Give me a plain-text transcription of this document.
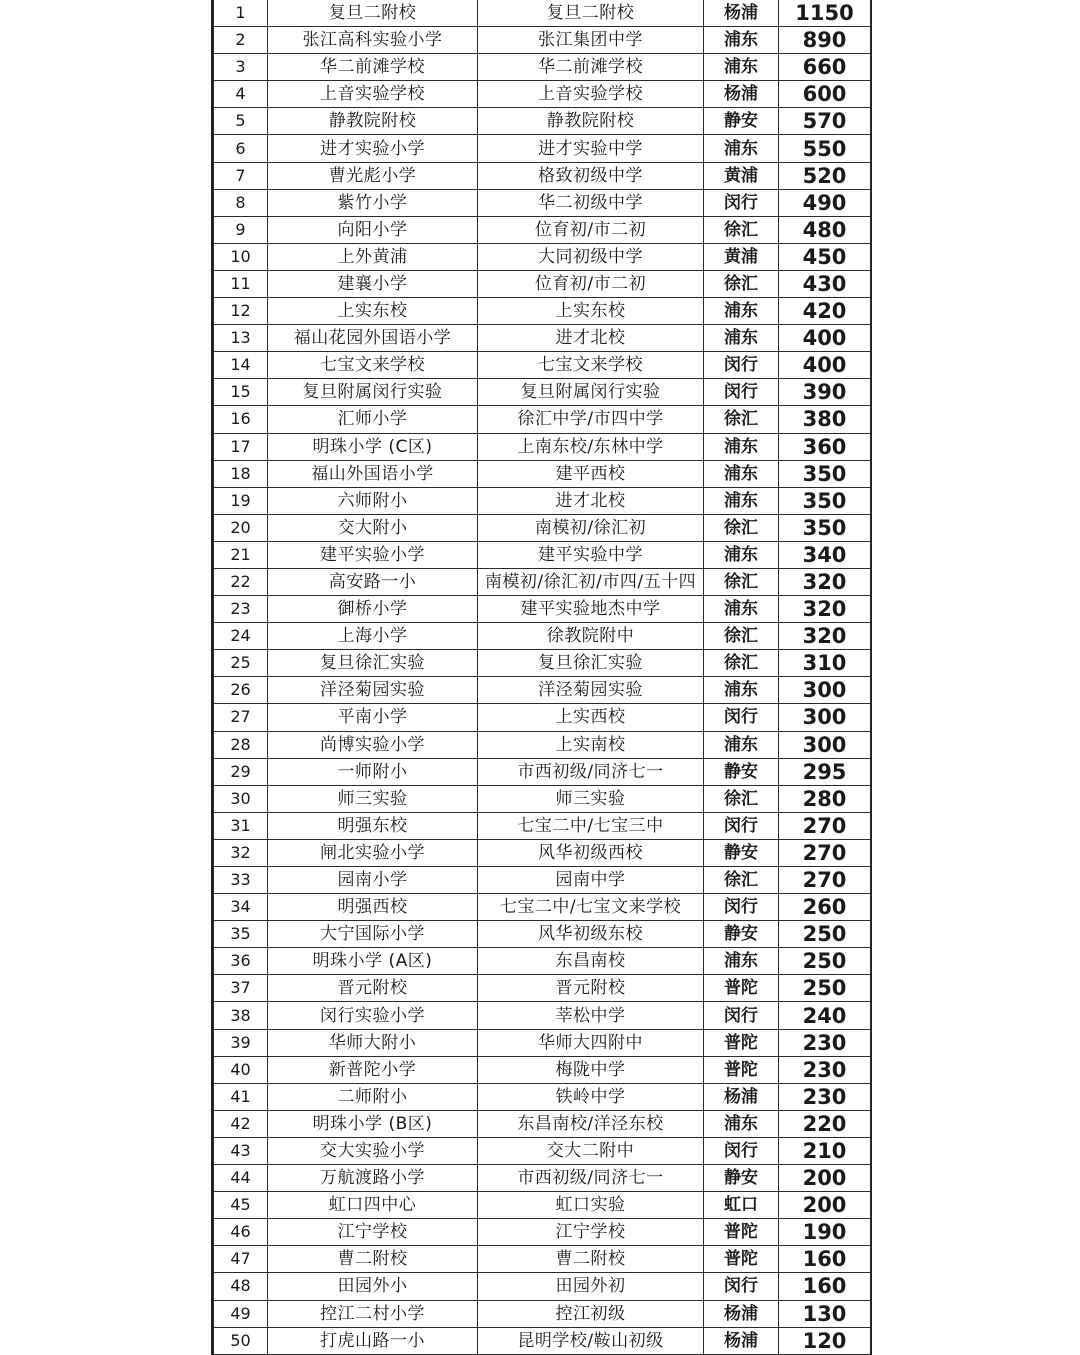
1	复旦二附校	复旦二附校	杨浦	1150
2	张江高科实验小学	张江集团中学	浦东	890
3	华二前滩学校	华二前滩学校	浦东	660
4	上音实验学校	上音实验学校	杨浦	600
5	静教院附校	静教院附校	静安	570
6	进才实验小学	进才实验中学	浦东	550
7	曹光彪小学	格致初级中学	黄浦	520
8	紫竹小学	华二初级中学	闵行	490
9	向阳小学	位育初/市二初	徐汇	480
10	上外黄浦	大同初级中学	黄浦	450
11	建襄小学	位育初/市二初	徐汇	430
12	上实东校	上实东校	浦东	420
13	福山花园外国语小学	进才北校	浦东	400
14	七宝文来学校	七宝文来学校	闵行	400
15	复旦附属闵行实验	复旦附属闵行实验	闵行	390
16	汇师小学	徐汇中学/市四中学	徐汇	380
17	明珠小学 (C区)	上南东校/东林中学	浦东	360
18	福山外国语小学	建平西校	浦东	350
19	六师附小	进才北校	浦东	350
20	交大附小	南模初/徐汇初	徐汇	350
21	建平实验小学	建平实验中学	浦东	340
22	高安路一小	南模初/徐汇初/市四/五十四	徐汇	320
23	御桥小学	建平实验地杰中学	浦东	320
24	上海小学	徐教院附中	徐汇	320
25	复旦徐汇实验	复旦徐汇实验	徐汇	310
26	洋泾菊园实验	洋泾菊园实验	浦东	300
27	平南小学	上实西校	闵行	300
28	尚博实验小学	上实南校	浦东	300
29	一师附小	市西初级/同济七一	静安	295
30	师三实验	师三实验	徐汇	280
31	明强东校	七宝二中/七宝三中	闵行	270
32	闸北实验小学	风华初级西校	静安	270
33	园南小学	园南中学	徐汇	270
34	明强西校	七宝二中/七宝文来学校	闵行	260
35	大宁国际小学	风华初级东校	静安	250
36	明珠小学 (A区)	东昌南校	浦东	250
37	晋元附校	晋元附校	普陀	250
38	闵行实验小学	莘松中学	闵行	240
39	华师大附小	华师大四附中	普陀	230
40	新普陀小学	梅陇中学	普陀	230
41	二师附小	铁岭中学	杨浦	230
42	明珠小学 (B区)	东昌南校/洋泾东校	浦东	220
43	交大实验小学	交大二附中	闵行	210
44	万航渡路小学	市西初级/同济七一	静安	200
45	虹口四中心	虹口实验	虹口	200
46	江宁学校	江宁学校	普陀	190
47	曹二附校	曹二附校	普陀	160
48	田园外小	田园外初	闵行	160
49	控江二村小学	控江初级	杨浦	130
50	打虎山路一小	昆明学校/鞍山初级	杨浦	120
